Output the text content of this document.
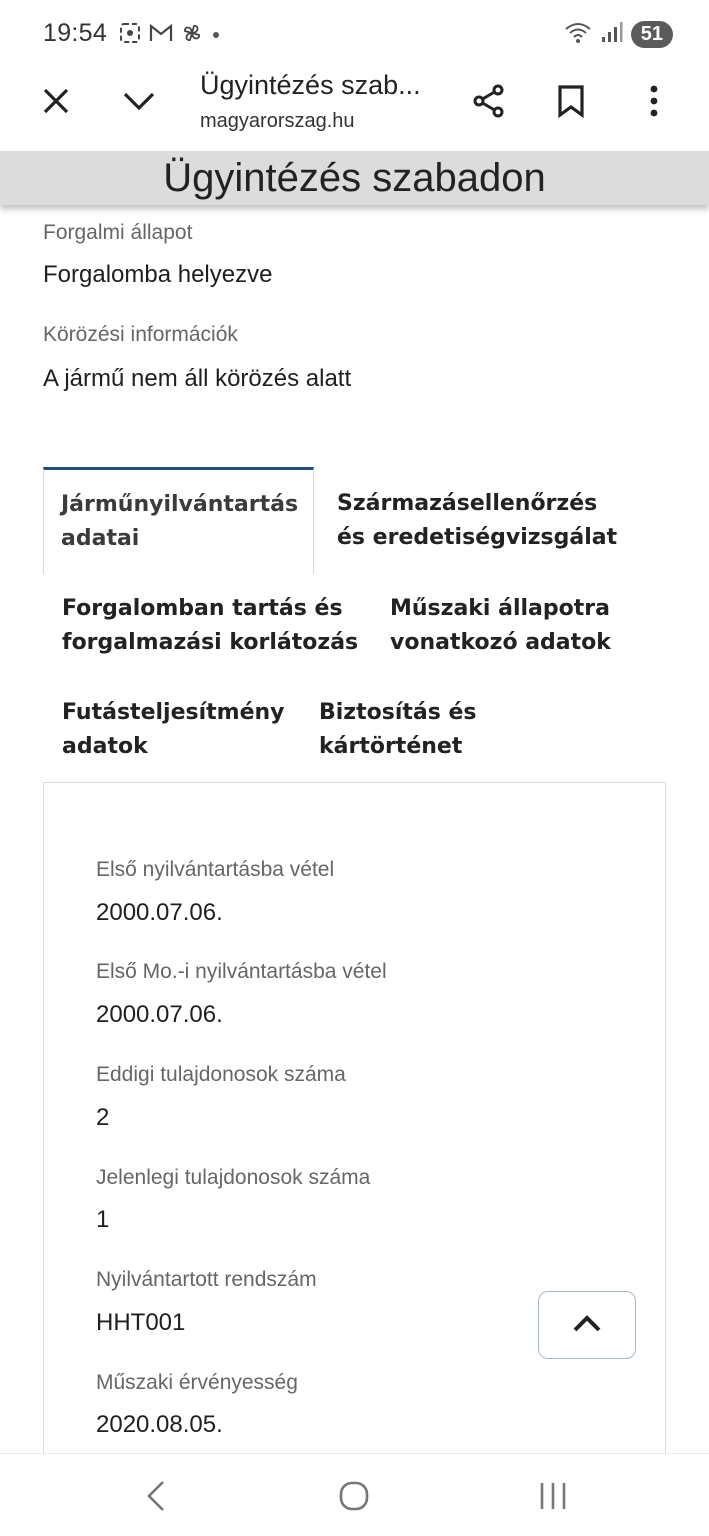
19:54	51
Ügyintézés szab...
magyarorszag.hu
Ügyintézés szabadon
Forgalmi állapot
Forgalomba helyezve
Körözési információk
A jármű nem áll körözés alatt
Járműnyilvántartás
adatai
Származásellenőrzés
és eredetiségvizsgálat
Forgalomban tartás és
forgalmazási korlátozás
Műszaki állapotra
vonatkozó adatok
Futásteljesítmény
adatok
Biztosítás és
kártörténet
Első nyilvántartásba vétel
2000.07.06.
Első Mo.-i nyilvántartásba vétel
2000.07.06.
Eddigi tulajdonosok száma
2
Jelenlegi tulajdonosok száma
1
Nyilvántartott rendszám
HHT001
Műszaki érvényesség
2020.08.05.
